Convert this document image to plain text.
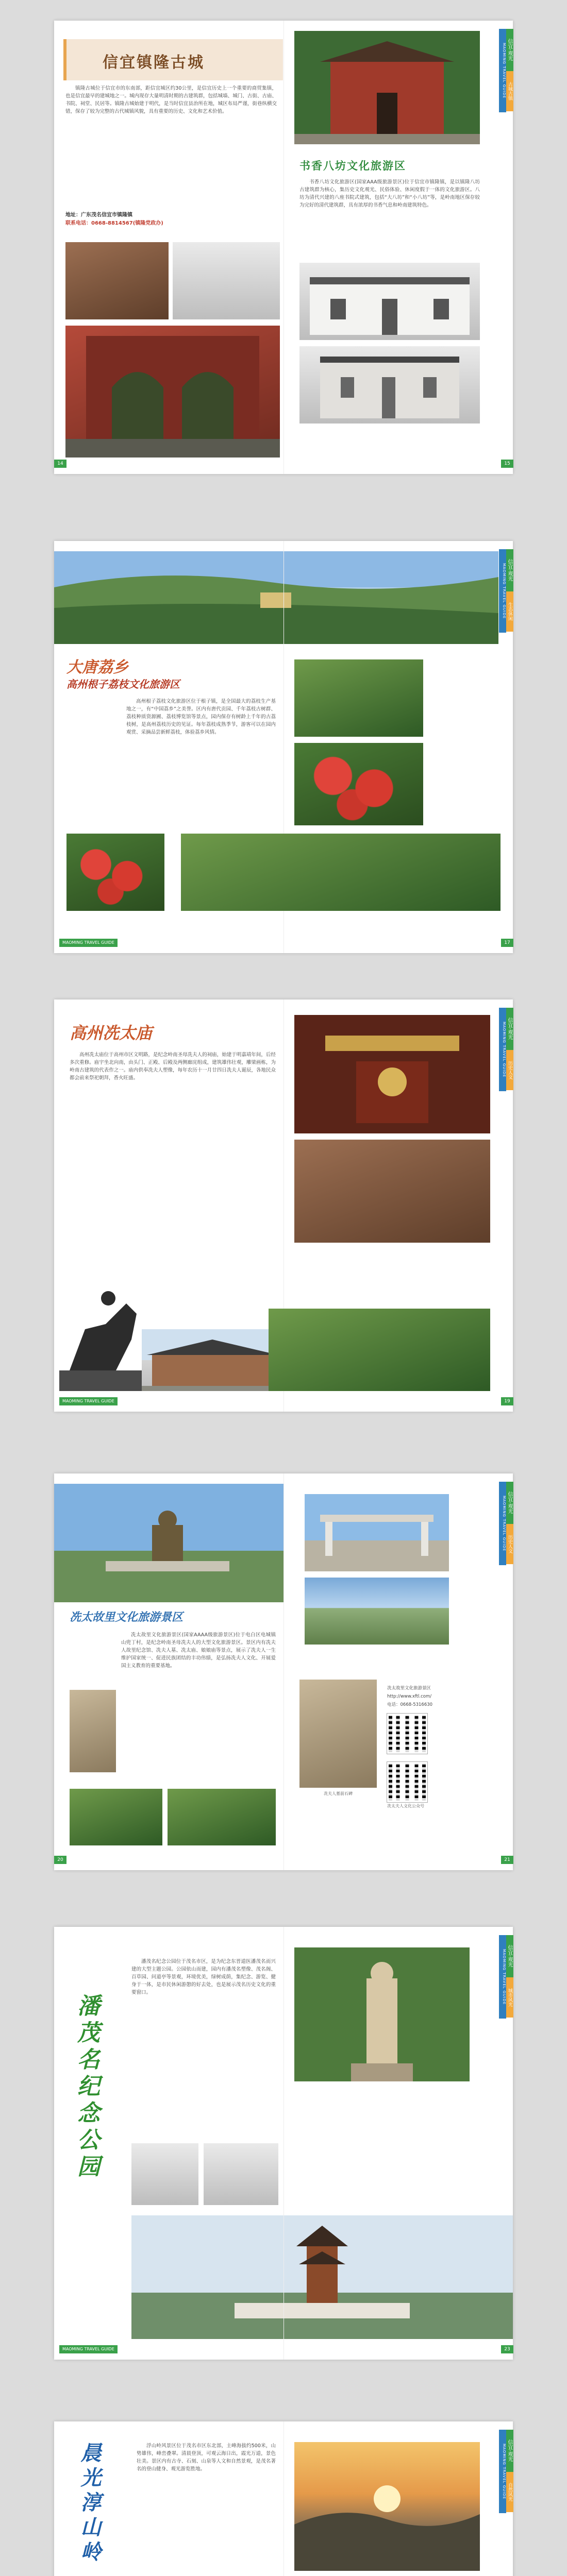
信宜镇隆古城

镇隆古城位于信宜市的东南部，距信宜城区约30公里，是信宜历史上一个重要的商贸集镇，也是信宜最早的建城地之一。城内现存大量明清时期的古建筑群，包括城墙、城门、古街、古庙、书院、祠堂、民居等。镇隆古城始建于明代，是当时信宜县治所在地，城区布局严谨，街巷纵横交错，保存了较为完整的古代城镇风貌，具有重要的历史、文化和艺术价值。

地址：广东茂名信宜市镇隆镇
联系电话：0668-8814567(镇隆党政办)
14
书香八坊文化旅游区

书香八坊文化旅游区(国家AAA级旅游景区)位于信宜市镇隆镇，是以镇隆八坊古建筑群为核心，集历史文化观光、民俗体验、休闲度假于一体的文化旅游区。八坊为清代兴建的八座书院式建筑，包括“大八坊”和“小八坊”等，是岭南地区保存较为完好的清代建筑群，具有浓厚的书香气息和岭南建筑特色。

MAOMING TRAVEL GUIDE 信宜·观光
古城古镇
15
大唐荔乡
高州根子荔枝文化旅游区

高州根子荔枝文化旅游区位于根子镇，是全国最大的荔枝生产基地之一，有“中国荔乡”之美誉。区内有唐代贡园、千年荔枝古树群、荔枝种质资源圃、荔枝博览馆等景点，园内保存有树龄上千年的古荔枝树，是高州荔枝历史的见证。每年荔枝成熟季节，游客可以在园内观赏、采摘品尝新鲜荔枝，体验荔乡风情。

MAOMING TRAVEL GUIDE
MAOMING TRAVEL GUIDE 信宜·观光
生态休闲
17
高州冼太庙

高州冼太庙位于高州市区文明路，是纪念岭南圣母冼夫人的祠庙，始建于明嘉靖年间，后经多次重修。庙宇坐北向南，由头门、正殿、后殿及两侧廊庑组成，建筑雄伟壮观，雕梁画栋，为岭南古建筑的代表作之一。庙内供奉冼夫人塑像，每年农历十一月廿四日冼夫人诞辰，各地民众都会前来祭祀朝拜，香火旺盛。

MAOMING TRAVEL GUIDE
MAOMING TRAVEL GUIDE 信宜·观光
历史人文
19
冼太故里文化旅游景区

冼太故里文化旅游景区(国家AAAA级旅游景区)位于电白区电城镇山兜丁村，是纪念岭南圣母冼夫人的大型文化旅游景区。景区内有冼夫人故里纪念馆、冼夫人墓、冼太庙、娘娘庙等景点，展示了冼夫人一生维护国家统一、促进民族团结的丰功伟绩，是弘扬冼夫人文化、开展爱国主义教育的重要基地。

20
冼夫人墓前石碑
冼太故里文化旅游景区
http://www.xftl.com/
电话：0668-5316630
冼太夫人文化公众号
MAOMING TRAVEL GUIDE 信宜·观光
历史人文
21
潘茂名纪念公园

潘茂名纪念公园位于茂名市区，是为纪念东晋道医潘茂名而兴建的大型主题公园。公园依山而建，园内有潘茂名塑像、茂名阁、百草园、问道亭等景观，环境优美，绿树成荫，集纪念、游览、健身于一体，是市民休闲游憩的好去处，也是展示茂名历史文化的重要窗口。

MAOMING TRAVEL GUIDE
MAOMING TRAVEL GUIDE 信宜·观光
城市风光
23
晨光淳山岭	浮山岭风景区位于茂名市区东北部，主峰海拔约500米，山势雄伟，峰峦叠翠。清晨登顶，可观云海日出，霞光万道，景色壮美。景区内有古寺、石刻、山泉等人文和自然景观，是茂名著名的登山健身、观光游览胜地。	MAOMING TRAVEL GUIDE 信宜·观光
自然风光
